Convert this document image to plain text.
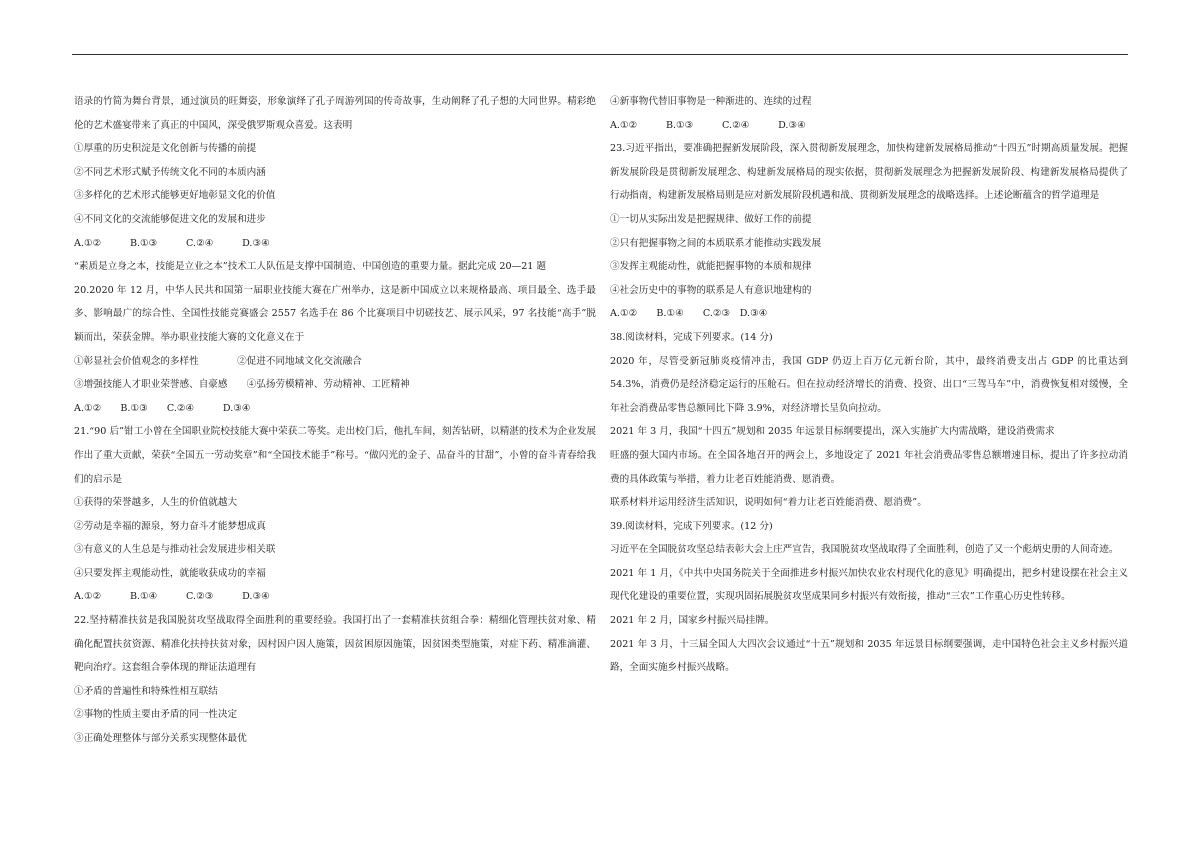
语录的竹简为舞台背景，通过演员的旺舞姿，形象演绎了孔子周游列国的传奇故事，生动阐释了孔子想的大同世界。精彩绝伦的艺术盛宴带来了真正的中国风，深受俄罗斯观众喜爱。这表明

①厚重的历史积淀是文化创新与传播的前提

②不同艺术形式赋予传统文化不同的本质内涵

③多样化的艺术形式能够更好地彰显文化的价值

④不同文化的交流能够促进文化的发展和进步

A.①②　　　B.①③　　　C.②④　　　D.③④

“素质是立身之本，技能是立业之本”技术工人队伍是支撑中国制造、中国创造的重要力量。据此完成 20—21 题

20.2020 年 12 月，中华人民共和国第一届职业技能大赛在广州举办，这是新中国成立以来规格最高、项目最全、选手最多、影响最广的综合性、全国性技能竞赛盛会 2557 名选手在 86 个比赛项目中切磋技艺、展示风采，97 名技能“高手”脱颖而出，荣获金牌。举办职业技能大赛的文化意义在于

①彰显社会价值观念的多样性　　　　②促进不同地域文化交流融合

③增强技能人才职业荣誉感、自豪感　　④弘扬劳模精神、劳动精神、工匠精神

A.①②　　B.①③　　C.②④　　　D.③④

21.“90 后”钳工小曾在全国职业院校技能大赛中荣获二等奖。走出校门后，他扎车间，刻苦钻研，以精湛的技术为企业发展作出了重大贡献，荣获“全国五一劳动奖章”和“全国技术能手”称号。“做闪光的金子、品奋斗的甘甜”，小曾的奋斗青春给我们的启示是

①获得的荣誉越多，人生的价值就越大

②劳动是幸福的源泉，努力奋斗才能梦想成真

③有意义的人生总是与推动社会发展进步相关联

④只要发挥主观能动性，就能收获成功的幸福

A.①②　　　B.①④　　　C.②③　　　D.③④

22.坚持精准扶贫是我国脱贫攻坚战取得全面胜利的重要经验。我国打出了一套精准扶贫组合拳：精细化管理扶贫对象、精确化配置扶贫资源、精准化扶持扶贫对象，因村因户因人施策，因贫困原因施策，因贫困类型施策，对症下药、精准滴灌、靶向治疗。这套组合拳体现的辩证法道理有

①矛盾的普遍性和特殊性相互联结

②事物的性质主要由矛盾的同一性决定

③正确处理整体与部分关系实现整体最优

④新事物代替旧事物是一种渐进的、连续的过程

A.①②　　　B.①③　　　C.②④　　　D.③④

23.习近平指出，要准确把握新发展阶段，深入贯彻新发展理念，加快构建新发展格局推动“十四五”时期高质量发展。把握新发展阶段是贯彻新发展理念、构建新发展格局的现实依据，贯彻新发展理念为把握新发展阶段、构建新发展格局提供了行动指南，构建新发展格局则是应对新发展阶段机遇和战、贯彻新发展理念的战略选择。上述论断蕴含的哲学道理是

①一切从实际出发是把握规律、做好工作的前提

②只有把握事物之间的本质联系才能推动实践发展

③发挥主观能动性，就能把握事物的本质和规律

④社会历史中的事物的联系是人有意识地建构的

A.①②　　B.①④　　C.②③　D.③④

38.阅读材料，完成下列要求。(14 分)

2020 年，尽管受新冠肺炎疫情冲击，我国 GDP 仍迈上百万亿元新台阶，其中，最终消费支出占 GDP 的比重达到 54.3%，消费仍是经济稳定运行的压舱石。但在拉动经济增长的消费、投资、出口“三驾马车”中，消费恢复相对缓慢，全年社会消费品零售总额同比下降 3.9%，对经济增长呈负向拉动。

2021 年 3 月，我国“十四五”规划和 2035 年远景目标纲要提出，深入实施扩大内需战略，建设消费需求

旺盛的强大国内市场。在全国各地召开的两会上，多地设定了 2021 年社会消费品零售总额增速目标，提出了许多拉动消费的具体政策与举措，着力让老百姓能消费、愿消费。

联系材料并运用经济生活知识，说明如何“着力让老百姓能消费、愿消费”。

39.阅读材料，完成下列要求。(12 分)

习近平在全国脱贫攻坚总结表彰大会上庄严宣告，我国脱贫攻坚战取得了全面胜利，创造了又一个彪炳史册的人间奇迹。

2021 年 1 月，《中共中央国务院关于全面推进乡村振兴加快农业农村现代化的意见》明确提出，把乡村建设摆在社会主义现代化建设的重要位置，实现巩固拓展脱贫攻坚成果同乡村振兴有效衔接，推动“三农”工作重心历史性转移。

2021 年 2 月，国家乡村振兴局挂牌。

2021 年 3 月，十三届全国人大四次会议通过“十五”规划和 2035 年远景目标纲要强调，走中国特色社会主义乡村振兴道路，全面实施乡村振兴战略。
